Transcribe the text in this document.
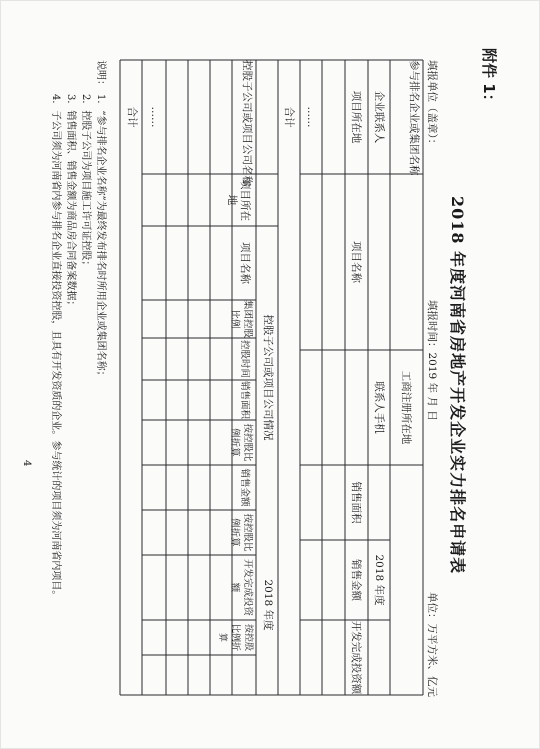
附件 1：
2018 年度河南省房地产开发企业实力排名申请表
填报单位（盖章）：
填报时间：2019 年 月 日
单位：万平方米、亿元
参与排名企业或集团名称
工商注册所在地
企业联系人
联系人手机
2018 年度
项目所在地
项目名称
销售面积
销售金额
开发完成投资额
……
合计
控股子公司或项目公司情况
2018 年度
控股子公司或项目公司名称
项目所在地
项目名称
集团控股比例
控股时间
销售面积
按控股比例折算
销售金额
按控股比例折算
开发完成投资额
按控股比例折算
……
合计
说明：
1．“参与排名企业名称”为最终发布排名时所用企业或集团名称；
2．控股子公司为项目施工许可证控股；
3．销售面积、销售金额为商品房合同备案数据；
4．子公司须为河南省内参与排名企业直接投资控股，且具有开发资质的企业。参与统计的项目须为河南省内项目。
4
